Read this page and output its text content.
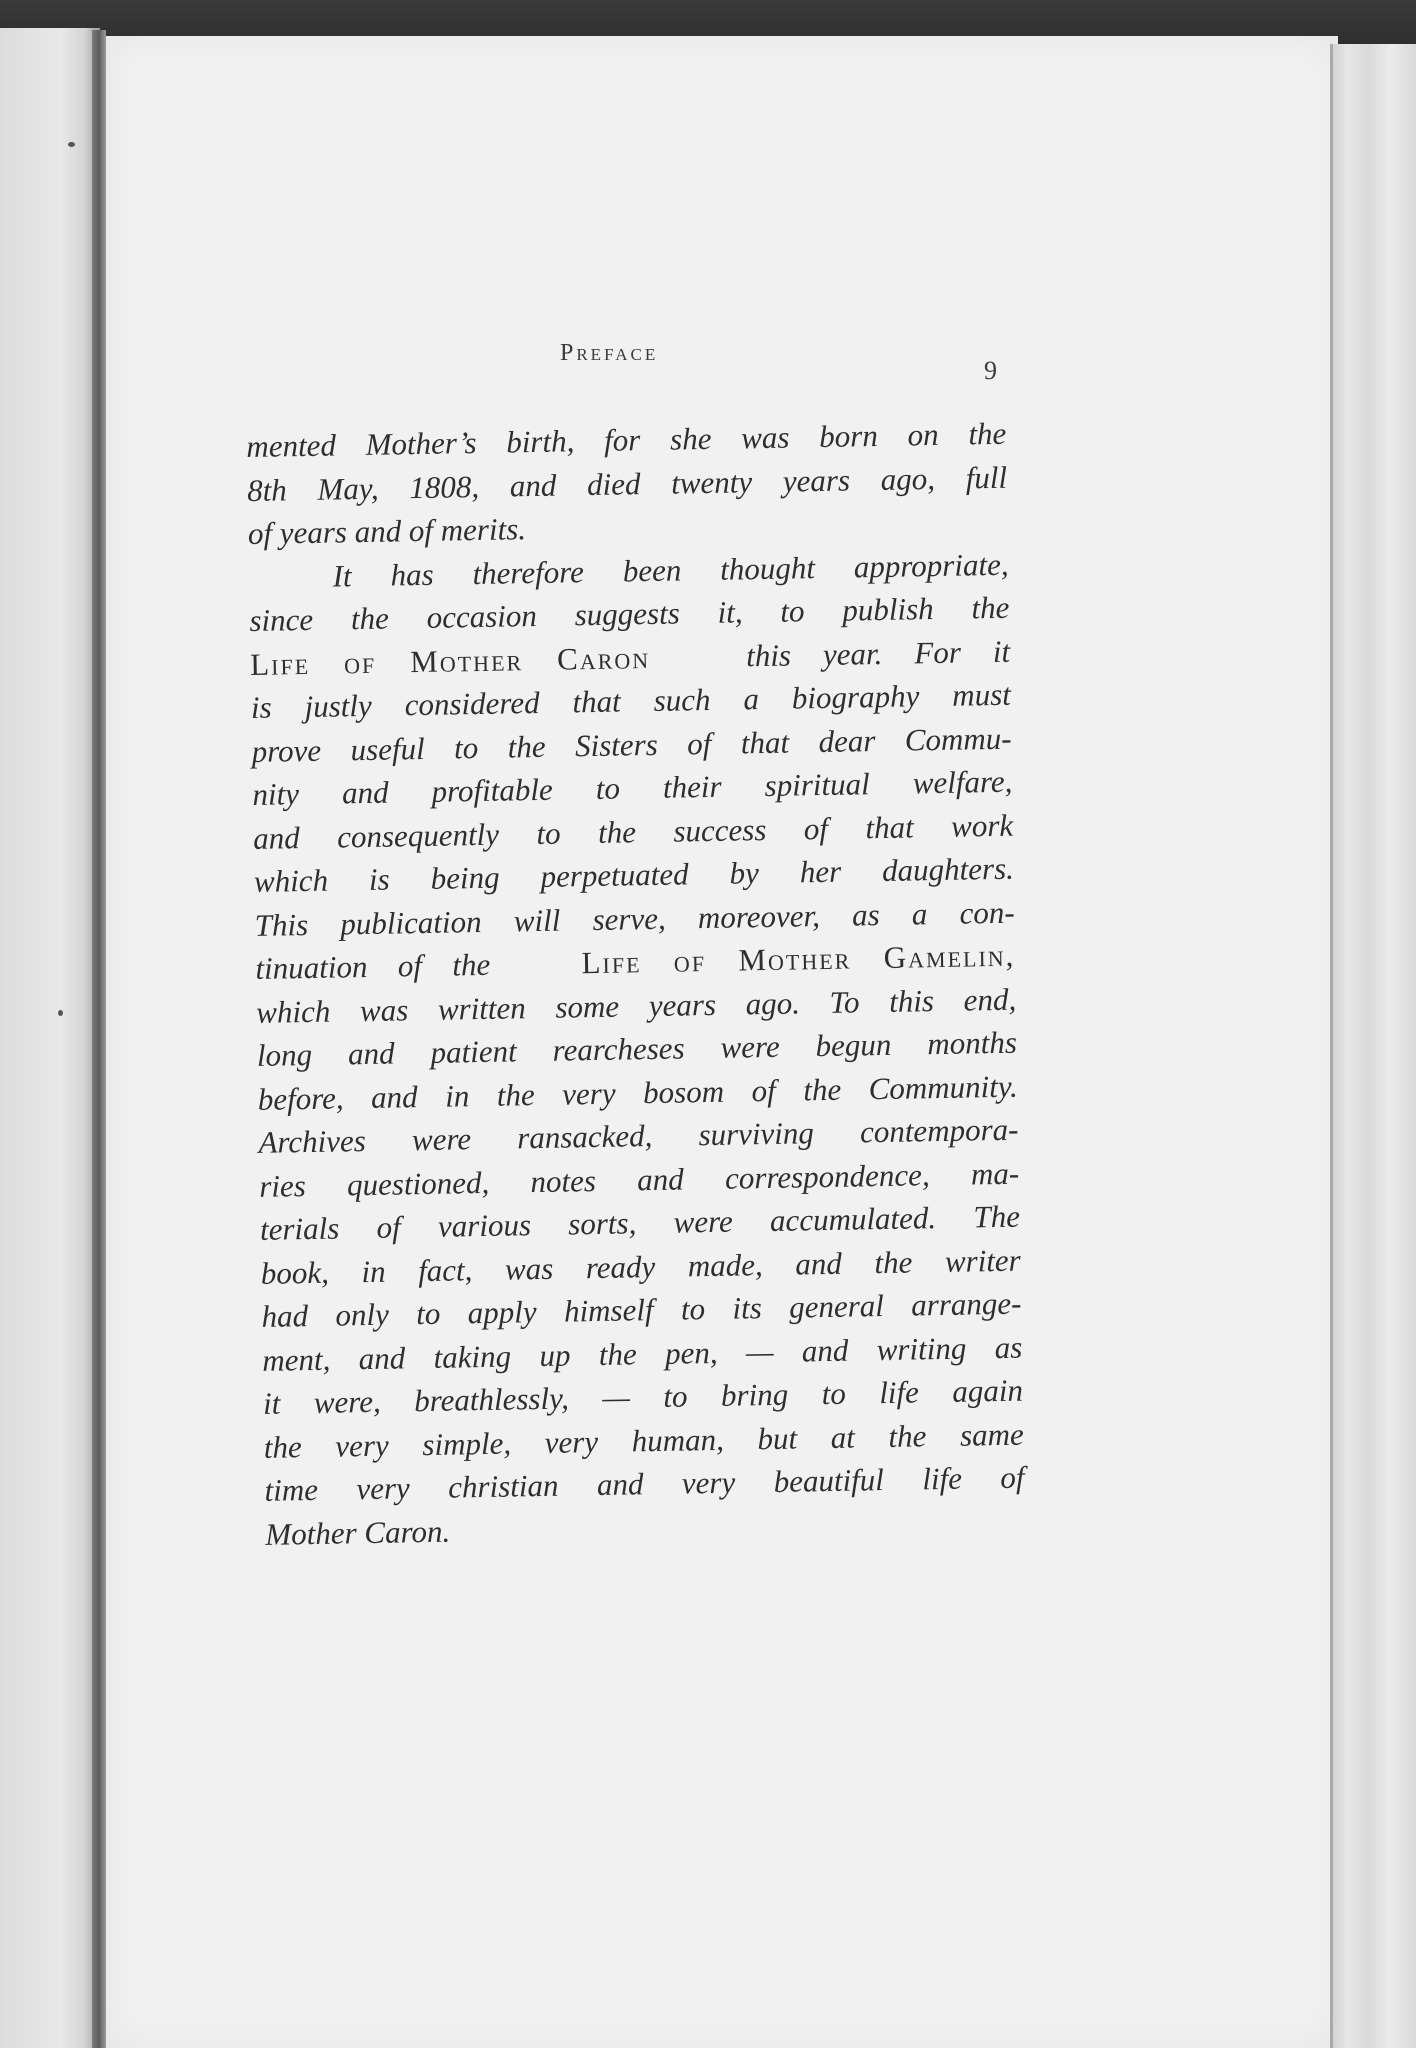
Preface
9
mented Mother’s birth, for she was born on the
8th May, 1808, and died twenty years ago, full
of years and of merits.
It has therefore been thought appropriate,
since the occasion suggests it, to publish the
Life of Mother Caron	this year. For it
is justly considered that such a biography must
prove useful to the Sisters of that dear Commu-
nity and profitable to their spiritual welfare,
and consequently to the success of that work
which is being perpetuated by her daughters.
This publication will serve, moreover, as a con-
tinuation of the	Life of Mother Gamelin,
which was written some years ago. To this end,
long and patient rearcheses were begun months
before, and in the very bosom of the Community.
Archives were ransacked, surviving contempora-
ries questioned, notes and correspondence, ma-
terials of various sorts, were accumulated. The
book, in fact, was ready made, and the writer
had only to apply himself to its general arrange-
ment, and taking up the pen, — and writing as
it were, breathlessly, — to bring to life again
the very simple, very human, but at the same
time very christian and very beautiful life of
Mother Caron.
